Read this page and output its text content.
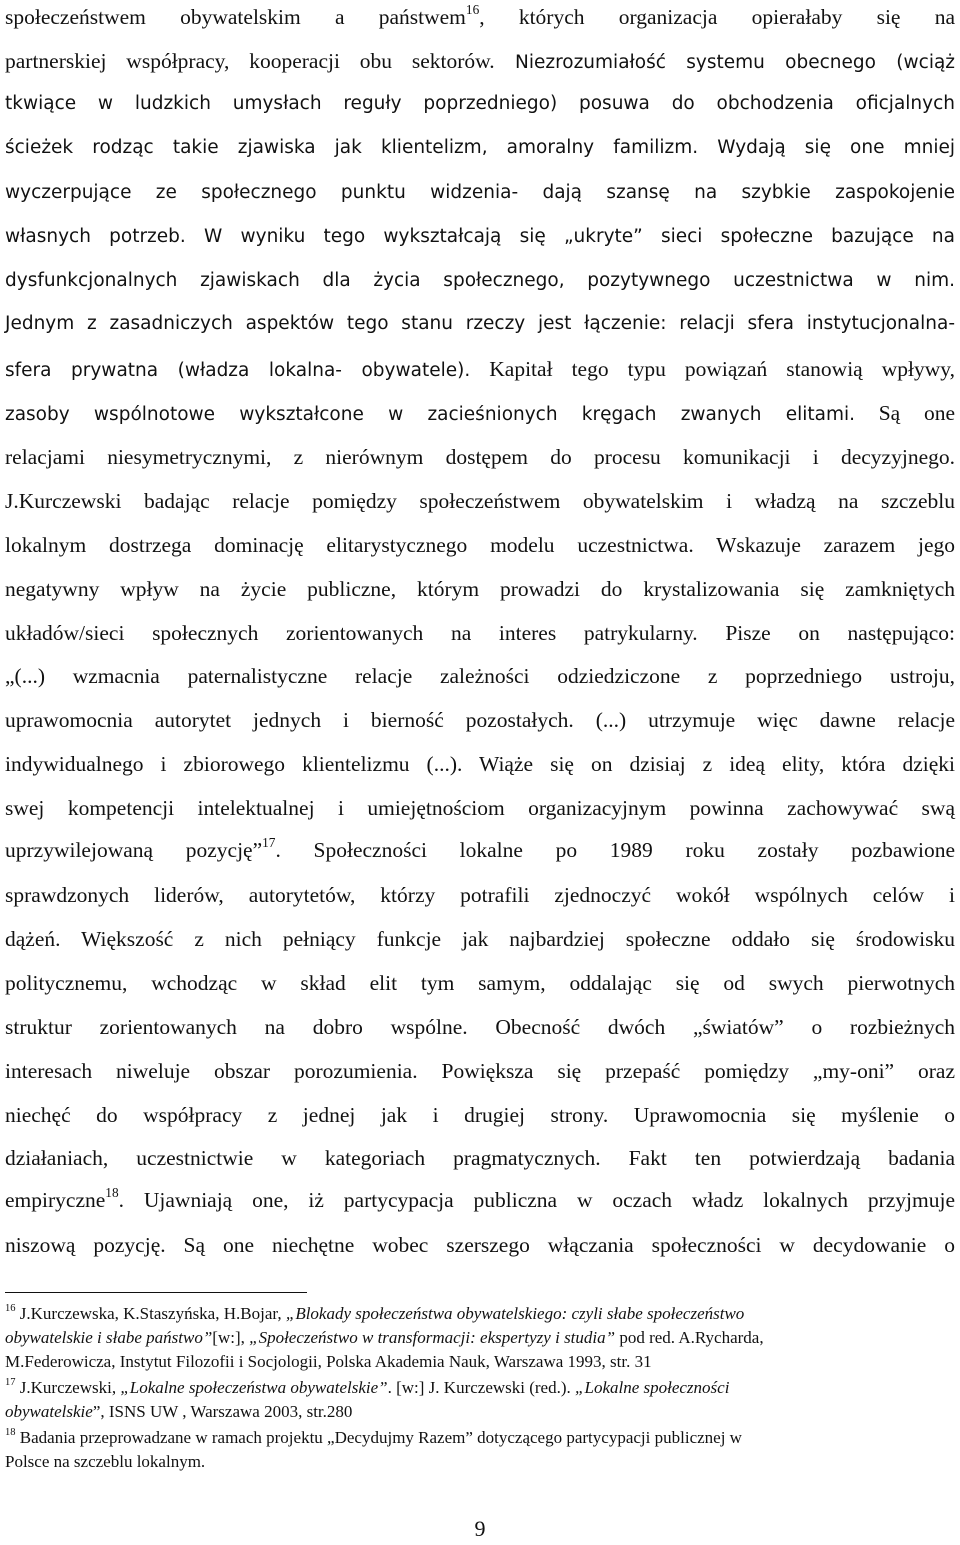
społeczeństwem obywatelskim a państwem$^{16}$, których organizacja opierałaby się na
partnerskiej współpracy, kooperacji obu sektorów. Niezrozumiałość systemu obecnego (wciąż
tkwiące w ludzkich umysłach reguły poprzedniego) posuwa do obchodzenia oficjalnych
ścieżek rodząc takie zjawiska jak klientelizm, amoralny familizm. Wydają się one mniej
wyczerpujące ze społecznego punktu widzenia- dają szansę na szybkie zaspokojenie
własnych potrzeb. W wyniku tego wykształcają się „ukryte” sieci społeczne bazujące na
dysfunkcjonalnych zjawiskach dla życia społecznego, pozytywnego uczestnictwa w nim.
Jednym z zasadniczych aspektów tego stanu rzeczy jest łączenie: relacji sfera instytucjonalna-
sfera prywatna (władza lokalna- obywatele). Kapitał tego typu powiązań stanowią wpływy,
zasoby wspólnotowe wykształcone w zacieśnionych kręgach zwanych elitami. Są one
relacjami niesymetrycznymi, z nierównym dostępem do procesu komunikacji i decyzyjnego.
J.Kurczewski badając relacje pomiędzy społeczeństwem obywatelskim i władzą na szczeblu
lokalnym dostrzega dominację elitarystycznego modelu uczestnictwa. Wskazuje zarazem jego
negatywny wpływ na życie publiczne, którym prowadzi do krystalizowania się zamkniętych
układów/sieci społecznych zorientowanych na interes patrykularny. Pisze on następująco:
„(...) wzmacnia paternalistyczne relacje zależności odziedziczone z poprzedniego ustroju,
uprawomocnia autorytet jednych i bierność pozostałych. (...) utrzymuje więc dawne relacje
indywidualnego i zbiorowego klientelizmu (...). Wiąże się on dzisiaj z ideą elity, która dzięki
swej kompetencji intelektualnej i umiejętnościom organizacyjnym powinna zachowywać swą
uprzywilejowaną pozycję”$^{17}$. Społeczności lokalne po 1989 roku zostały pozbawione
sprawdzonych liderów, autorytetów, którzy potrafili zjednoczyć wokół wspólnych celów i
dążeń. Większość z nich pełniący funkcje jak najbardziej społeczne oddało się środowisku
politycznemu, wchodząc w skład elit tym samym, oddalając się od swych pierwotnych
struktur zorientowanych na dobro wspólne. Obecność dwóch „światów” o rozbieżnych
interesach niweluje obszar porozumienia. Powiększa się przepaść pomiędzy „my-oni” oraz
niechęć do współpracy z jednej jak i drugiej strony. Uprawomocnia się myślenie o
działaniach, uczestnictwie w kategoriach pragmatycznych. Fakt ten potwierdzają badania
empiryczne$^{18}$. Ujawniają one, iż partycypacja publiczna w oczach władz lokalnych przyjmuje
niszową pozycję. Są one niechętne wobec szerszego włączania społeczności w decydowanie o
$^{16}$ J.Kurczewska, K.Staszyńska, H.Bojar, „Blokady społeczeństwa obywatelskiego: czyli słabe społeczeństwo
obywatelskie i słabe państwo”[w:], „Społeczeństwo w transformacji: ekspertyzy i studia” pod red. A.Rycharda,
M.Federowicza, Instytut Filozofii i Socjologii, Polska Akademia Nauk, Warszawa 1993, str. 31
$^{17}$ J.Kurczewski, „Lokalne społeczeństwa obywatelskie”. [w:] J. Kurczewski (red.). „Lokalne społeczności
obywatelskie”, ISNS UW , Warszawa 2003, str.280
$^{18}$ Badania przeprowadzane w ramach projektu „Decydujmy Razem” dotyczącego partycypacji publicznej w
Polsce na szczeblu lokalnym.
9
